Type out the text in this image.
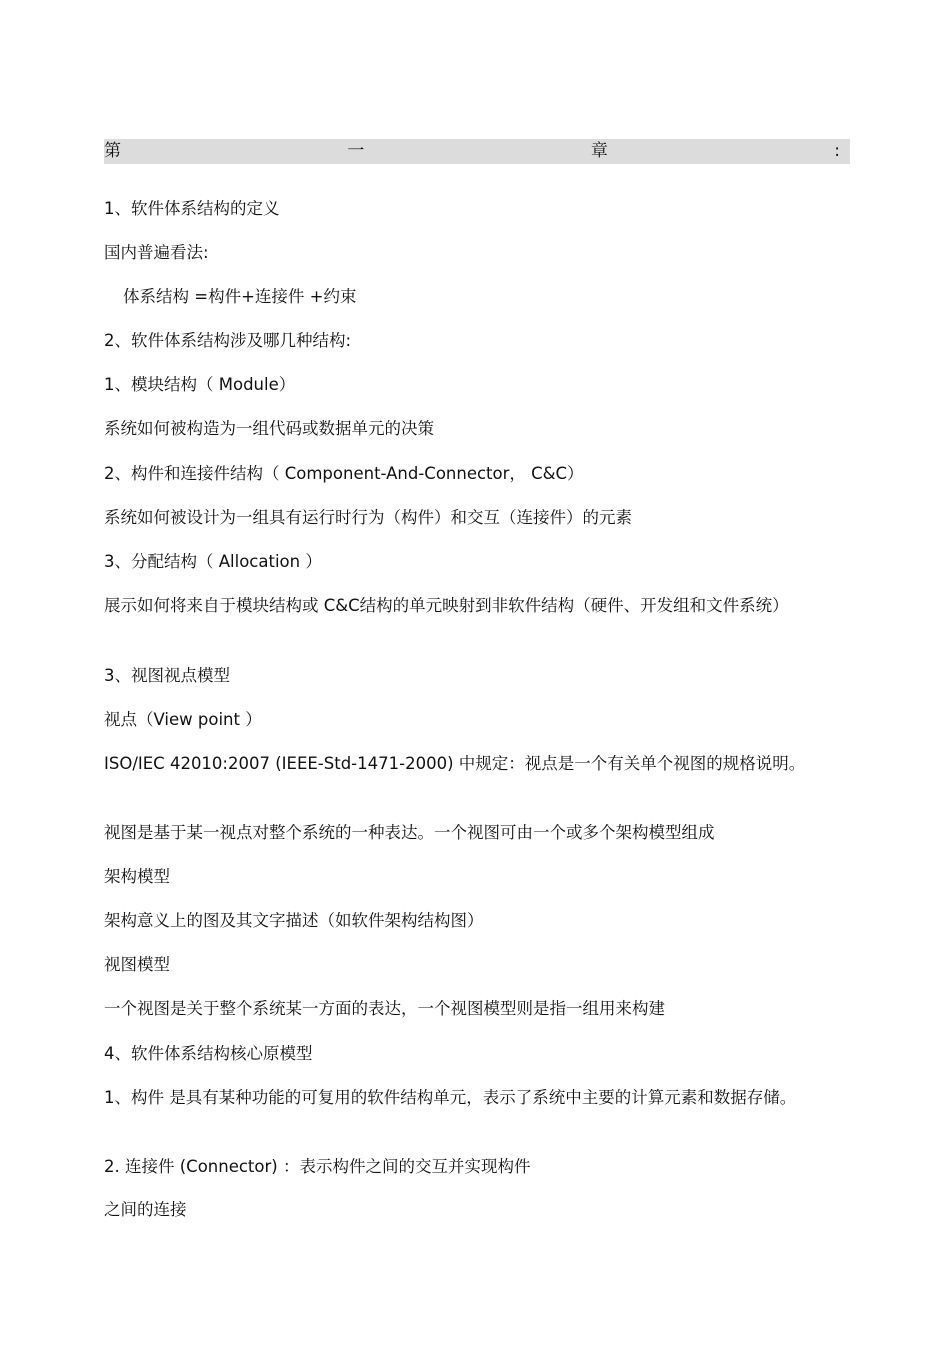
第	一	章	:

1、软件体系结构的定义

国内普遍看法:

体系结构 =构件+连接件 +约束

2、软件体系结构涉及哪几种结构:

1、模块结构（ Module）

系统如何被构造为一组代码或数据单元的决策

2、构件和连接件结构（ Component-And-Connector， C&C）

系统如何被设计为一组具有运行时行为（构件）和交互（连接件）的元素

3、分配结构（ Allocation ）

展示如何将来自于模块结构或 C&C结构的单元映射到非软件结构（硬件、开发组和文件系统）

3、视图视点模型

视点（View point ）

ISO/IEC 42010:2007 (IEEE-Std-1471-2000) 中规定：视点是一个有关单个视图的规格说明。

视图是基于某一视点对整个系统的一种表达。一个视图可由一个或多个架构模型组成

架构模型

架构意义上的图及其文字描述（如软件架构结构图）

视图模型

一个视图是关于整个系统某一方面的表达，一个视图模型则是指一组用来构建

4、软件体系结构核心原模型

1、构件 是具有某种功能的可复用的软件结构单元，表示了系统中主要的计算元素和数据存储。

2. 连接件 (Connector) ：表示构件之间的交互并实现构件

之间的连接
